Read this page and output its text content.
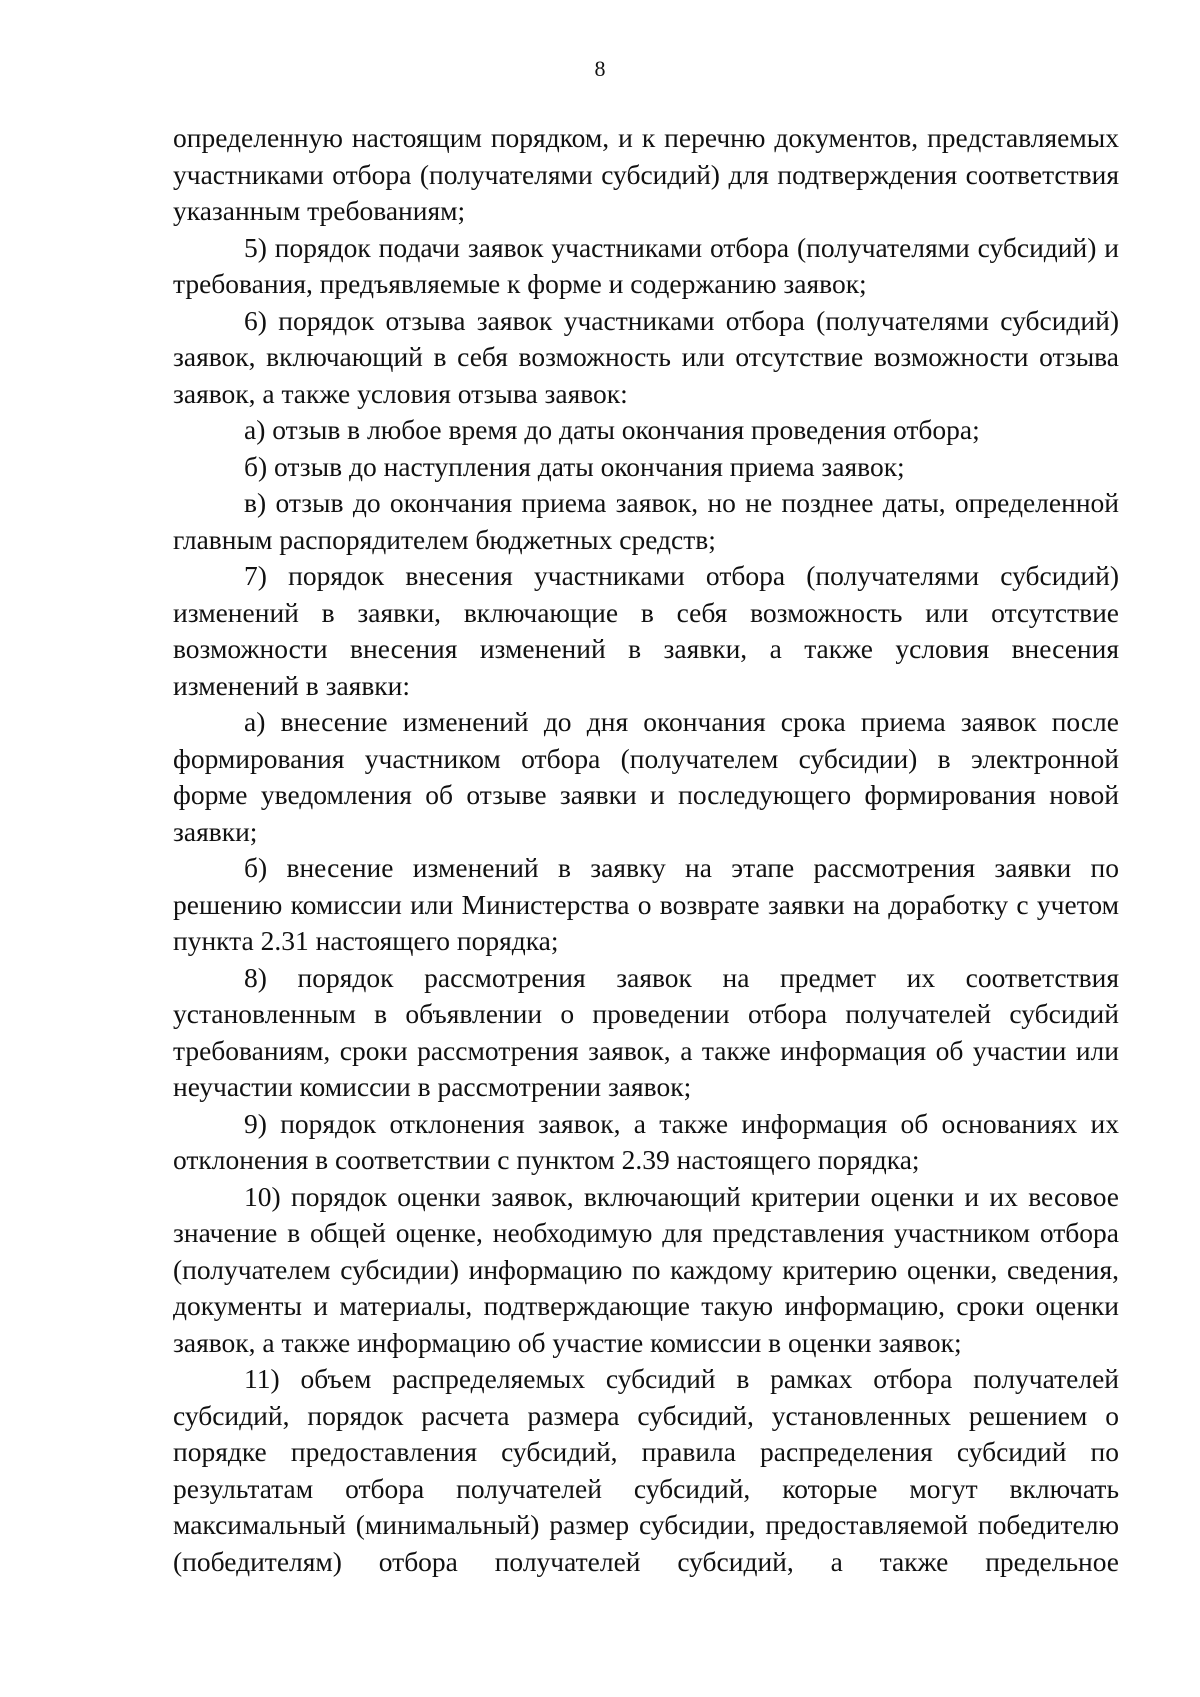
8

определенную настоящим порядком, и к перечню документов, представляемых участниками отбора (получателями субсидий) для подтверждения соответствия указанным требованиям;

5) порядок подачи заявок участниками отбора (получателями субсидий) и требования, предъявляемые к форме и содержанию заявок;

6) порядок отзыва заявок участниками отбора (получателями субсидий) заявок, включающий в себя возможность или отсутствие возможности отзыва заявок, а также условия отзыва заявок:

а) отзыв в любое время до даты окончания проведения отбора;

б) отзыв до наступления даты окончания приема заявок;

в) отзыв до окончания приема заявок, но не позднее даты, определенной главным распорядителем бюджетных средств;

7) порядок внесения участниками отбора (получателями субсидий) изменений в заявки, включающие в себя возможность или отсутствие возможности внесения изменений в заявки, а также условия внесения изменений в заявки:

а) внесение изменений до дня окончания срока приема заявок после формирования участником отбора (получателем субсидии) в электронной форме уведомления об отзыве заявки и последующего формирования новой заявки;

б) внесение изменений в заявку на этапе рассмотрения заявки по решению комиссии или Министерства о возврате заявки на доработку с учетом пункта 2.31 настоящего порядка;

8) порядок рассмотрения заявок на предмет их соответствия установленным в объявлении о проведении отбора получателей субсидий требованиям, сроки рассмотрения заявок, а также информация об участии или неучастии комиссии в рассмотрении заявок;

9) порядок отклонения заявок, а также информация об основаниях их отклонения в соответствии с пунктом 2.39 настоящего порядка;

10) порядок оценки заявок, включающий критерии оценки и их весовое значение в общей оценке, необходимую для представления участником отбора (получателем субсидии) информацию по каждому критерию оценки, сведения, документы и материалы, подтверждающие такую информацию, сроки оценки заявок, а также информацию об участие комиссии в оценки заявок;

11) объем распределяемых субсидий в рамках отбора получателей субсидий, порядок расчета размера субсидий, установленных решением о порядке предоставления субсидий, правила распределения субсидий по результатам отбора получателей субсидий, которые могут включать максимальный (минимальный) размер субсидии, предоставляемой победителю (победителям) отбора получателей субсидий, а также предельное
